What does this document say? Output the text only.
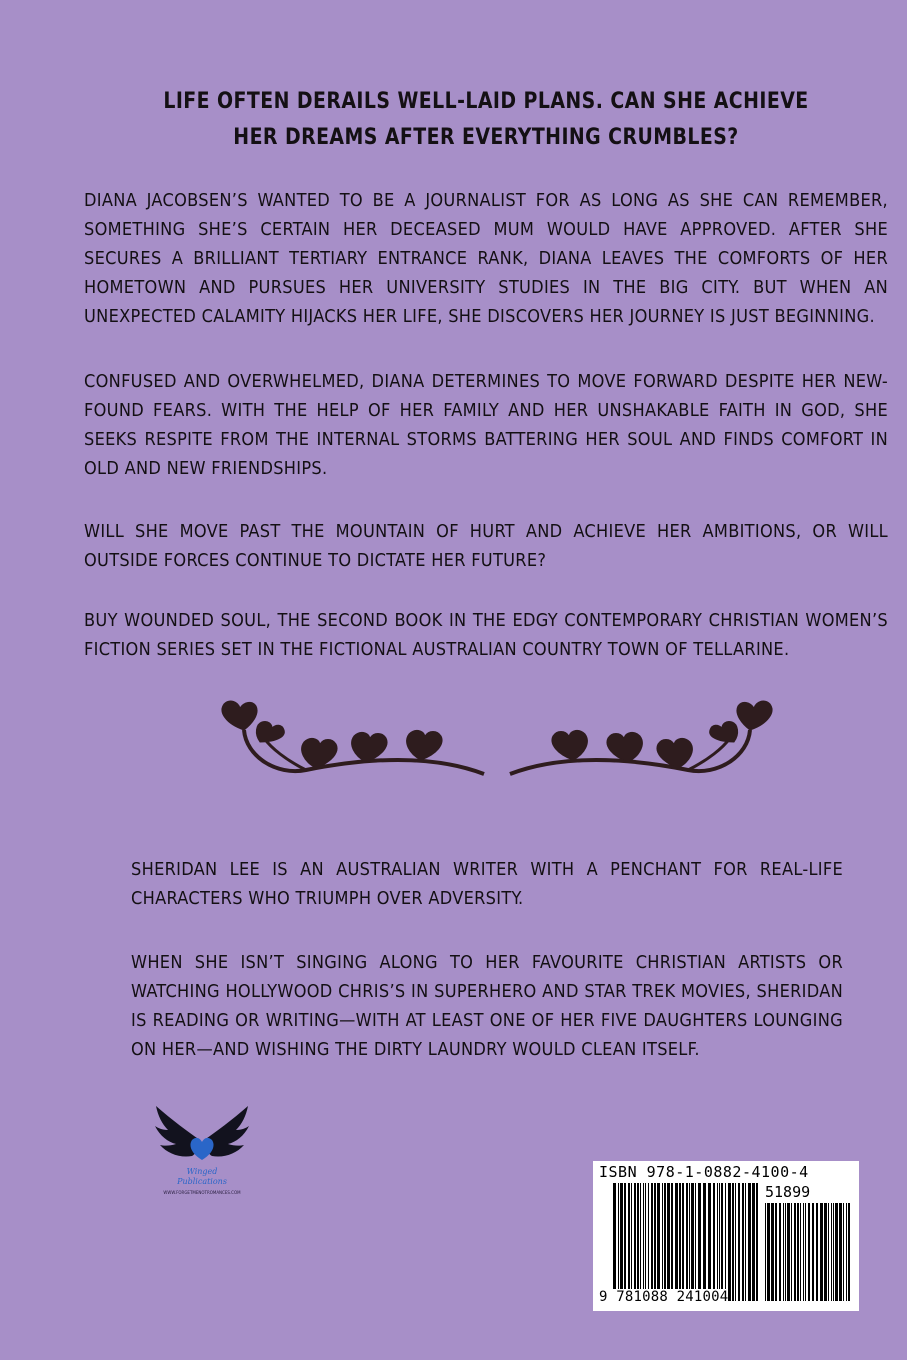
LIFE OFTEN DERAILS WELL-LAID PLANS. CAN SHE ACHIEVE HER DREAMS AFTER EVERYTHING CRUMBLES?

DIANA JACOBSEN’S WANTED TO BE A JOURNALIST FOR AS LONG AS SHE CAN REMEMBER, SOMETHING SHE’S CERTAIN HER DECEASED MUM WOULD HAVE APPROVED. AFTER SHE SECURES A BRILLIANT TERTIARY ENTRANCE RANK, DIANA LEAVES THE COMFORTS OF HER HOMETOWN AND PURSUES HER UNIVERSITY STUDIES IN THE BIG CITY. BUT WHEN AN UNEXPECTED CALAMITY HIJACKS HER LIFE, SHE DISCOVERS HER JOURNEY IS JUST BEGINNING.

CONFUSED AND OVERWHELMED, DIANA DETERMINES TO MOVE FORWARD DESPITE HER NEW-FOUND FEARS. WITH THE HELP OF HER FAMILY AND HER UNSHAKABLE FAITH IN GOD, SHE SEEKS RESPITE FROM THE INTERNAL STORMS BATTERING HER SOUL AND FINDS COMFORT IN OLD AND NEW FRIENDSHIPS.

WILL SHE MOVE PAST THE MOUNTAIN OF HURT AND ACHIEVE HER AMBITIONS, OR WILL OUTSIDE FORCES CONTINUE TO DICTATE HER FUTURE?

BUY WOUNDED SOUL, THE SECOND BOOK IN THE EDGY CONTEMPORARY CHRISTIAN WOMEN’S FICTION SERIES SET IN THE FICTIONAL AUSTRALIAN COUNTRY TOWN OF TELLARINE.

SHERIDAN LEE IS AN AUSTRALIAN WRITER WITH A PENCHANT FOR REAL-LIFE CHARACTERS WHO TRIUMPH OVER ADVERSITY.

WHEN SHE ISN’T SINGING ALONG TO HER FAVOURITE CHRISTIAN ARTISTS OR WATCHING HOLLYWOOD CHRIS’S IN SUPERHERO AND STAR TREK MOVIES, SHERIDAN IS READING OR WRITING—WITH AT LEAST ONE OF HER FIVE DAUGHTERS LOUNGING ON HER—AND WISHING THE DIRTY LAUNDRY WOULD CLEAN ITSELF.

Winged
Publications
WWW.FORGETMENOTROMANCES.COM
ISBN 978-1-0882-4100-4
51899
9 781088 241004
